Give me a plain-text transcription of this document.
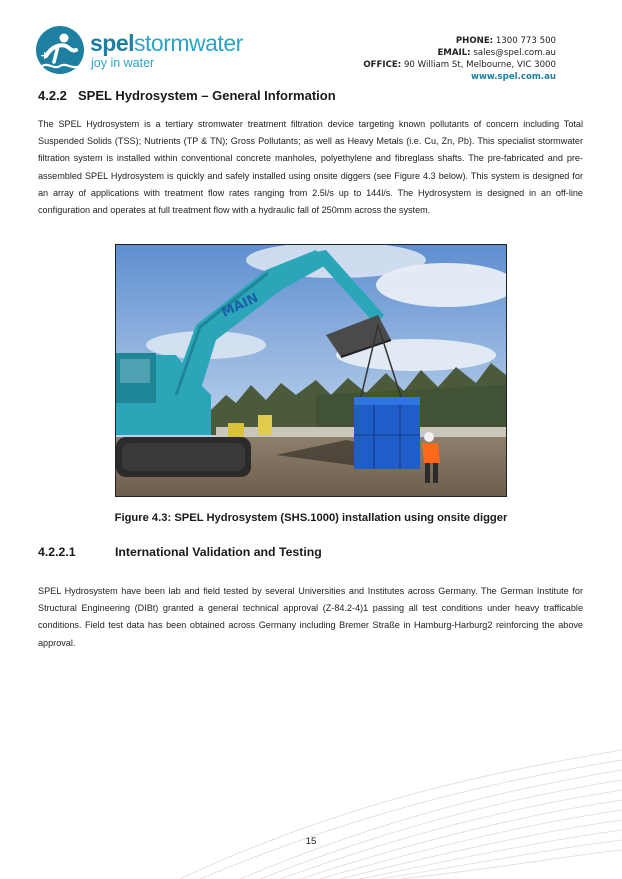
+ spelstormwater
joy in water
PHONE: 1300 773 500
EMAIL: sales@spel.com.au
OFFICE: 90 William St, Melbourne, VIC 3000
www.spel.com.au
4.2.2 SPEL Hydrosystem – General Information

The SPEL Hydrosystem is a tertiary stromwater treatment filtration device targeting known pollutants of concern including Total Suspended Solids (TSS); Nutrients (TP & TN); Gross Pollutants; as well as Heavy Metals (i.e. Cu, Zn, Pb). This specialist stormwater filtration system is installed within conventional concrete manholes, polyethylene and fibreglass shafts. The pre-fabricated and pre-assembled SPEL Hydrosystem is quickly and safely installed using onsite diggers (see Figure 4.3 below). This system is designed for an array of applications with treatment flow rates ranging from 2.5l/s up to 144l/s. The Hydrosystem is designed in an off-line configuration and operates at full treatment flow with a hydraulic fall of 250mm across the system.

MAIN

Figure 4.3: SPEL Hydrosystem (SHS.1000) installation using onsite digger

4.2.2.1	International Validation and Testing

SPEL Hydrosystem have been lab and field tested by several Universities and Institutes across Germany. The German Institute for Structural Engineering (DIBt) granted a general technical approval (Z-84.2-4)1 passing all test conditions under heavy trafficable conditions. Field test data has been obtained across Germany including Bremer Straße in Hamburg-Harburg2 reinforcing the above approval.

15
